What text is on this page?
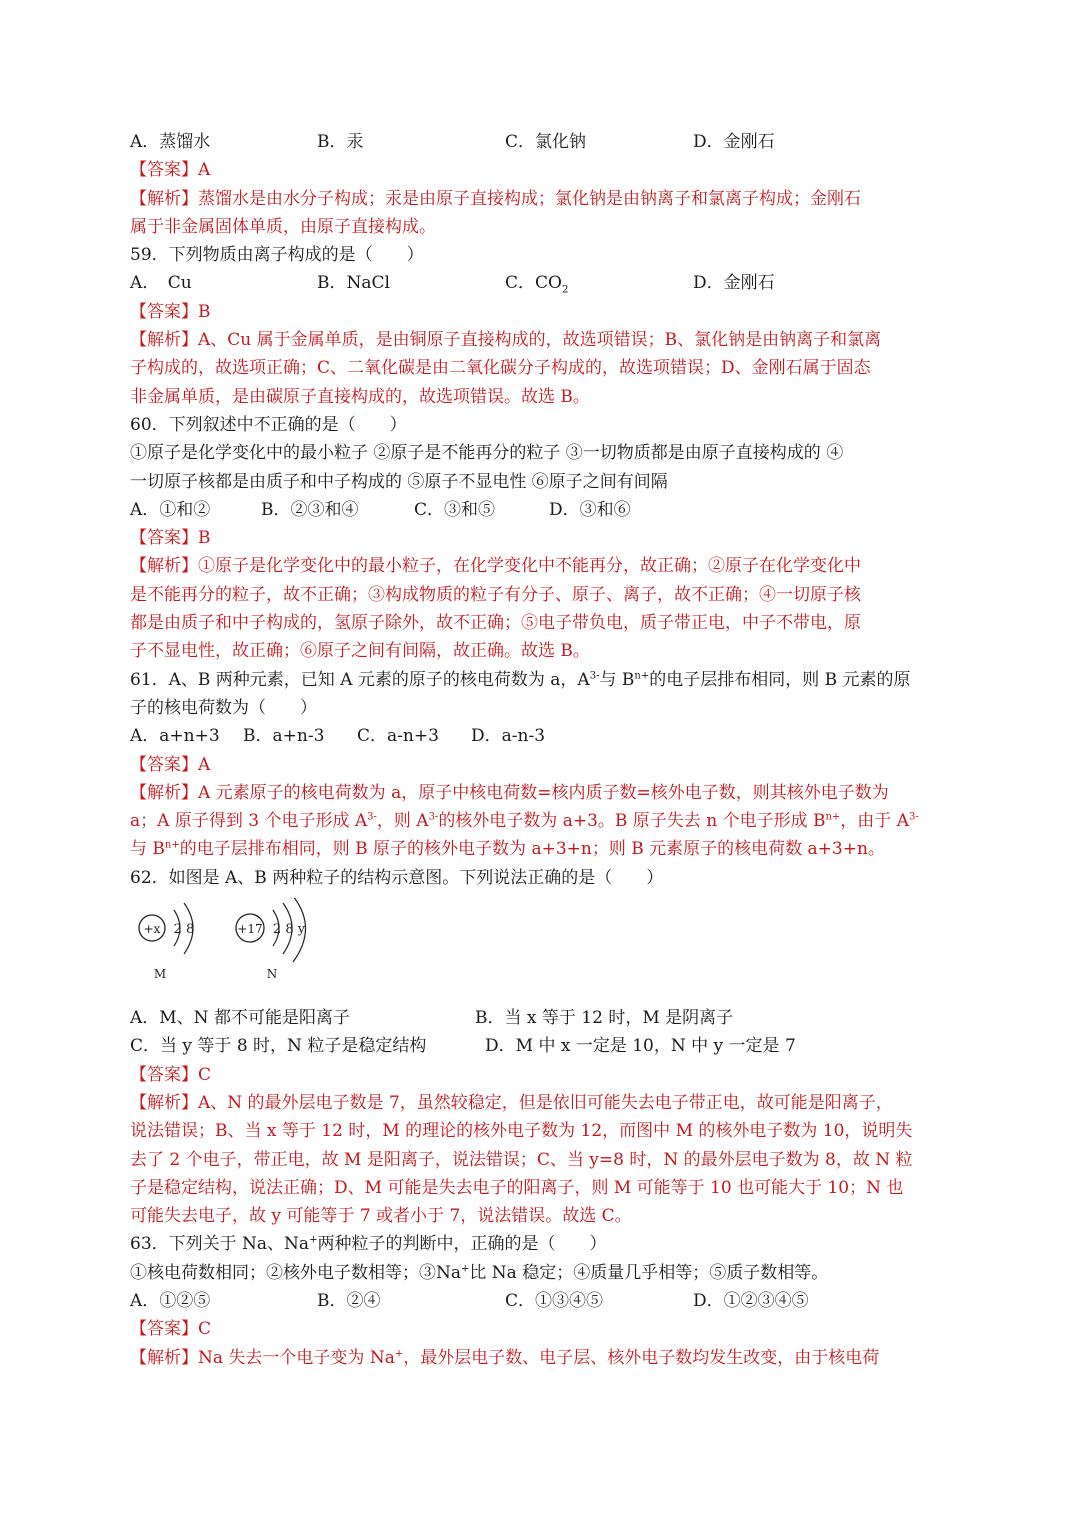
A．蒸馏水	B．汞	C．氯化钠	D．金刚石
【答案】A
【解析】蒸馏水是由水分子构成；汞是由原子直接构成；氯化钠是由钠离子和氯离子构成；金刚石
属于非金属固体单质，由原子直接构成。
59．下列物质由离子构成的是（　　）
A．　Cu	B．NaCl	C．$CO_2$	D．金刚石
【答案】B
【解析】A、Cu 属于金属单质，是由铜原子直接构成的，故选项错误；B、氯化钠是由钠离子和氯离
子构成的，故选项正确；C、二氧化碳是由二氧化碳分子构成的，故选项错误；D、金刚石属于固态
非金属单质，是由碳原子直接构成的，故选项错误。故选 B。
60．下列叙述中不正确的是（　　）
①原子是化学变化中的最小粒子 ②原子是不能再分的粒子 ③一切物质都是由原子直接构成的 ④
一切原子核都是由质子和中子构成的 ⑤原子不显电性 ⑥原子之间有间隔
A．①和②	B．②③和④	C．③和⑤	D．③和⑥
【答案】B
【解析】①原子是化学变化中的最小粒子，在化学变化中不能再分，故正确；②原子在化学变化中
是不能再分的粒子，故不正确；③构成物质的粒子有分子、原子、离子，故不正确；④一切原子核
都是由质子和中子构成的，氢原子除外，故不正确；⑤电子带负电，质子带正电，中子不带电，原
子不显电性，故正确；⑥原子之间有间隔，故正确。故选 B。
61．A、B 两种元素，已知 A 元素的原子的核电荷数为 a，$A^{3-}$与 $B^{n+}$的电子层排布相同，则 B 元素的原
子的核电荷数为（　　）
A．a+n+3 B．a+n-3 C．a-n+3 D．a-n-3
【答案】A
【解析】A 元素原子的核电荷数为 a，原子中核电荷数=核内质子数=核外电子数，则其核外电子数为
a；A 原子得到 3 个电子形成 $A^{3-}$，则 $A^{3-}$的核外电子数为 a+3。B 原子失去 n 个电子形成 $B^{n+}$，由于 $A^{3-}$
与 $B^{n+}$的电子层排布相同，则 B 原子的核外电子数为 a+3+n；则 B 元素原子的核电荷数 a+3+n。
62．如图是 A、B 两种粒子的结构示意图。下列说法正确的是（　　）
+x 2 8
M
+17 2 8 y
N
A．M、N 都不可能是阳离子	B．当 x 等于 12 时，M 是阴离子
C．当 y 等于 8 时，N 粒子是稳定结构	D．M 中 x 一定是 10，N 中 y 一定是 7
【答案】C
【解析】A、N 的最外层电子数是 7，虽然较稳定，但是依旧可能失去电子带正电，故可能是阳离子，
说法错误；B、当 x 等于 12 时，M 的理论的核外电子数为 12，而图中 M 的核外电子数为 10，说明失
去了 2 个电子，带正电，故 M 是阳离子，说法错误；C、当 y=8 时，N 的最外层电子数为 8，故 N 粒
子是稳定结构，说法正确；D、M 可能是失去电子的阳离子，则 M 可能等于 10 也可能大于 10；N 也
可能失去电子，故 y 可能等于 7 或者小于 7，说法错误。故选 C。
63．下列关于 Na、Na+两种粒子的判断中，正确的是（　　）
①核电荷数相同；②核外电子数相等；③Na+比 Na 稳定；④质量几乎相等；⑤质子数相等。
A．①②⑤	B．②④	C．①③④⑤	D．①②③④⑤
【答案】C
【解析】Na 失去一个电子变为 Na+，最外层电子数、电子层、核外电子数均发生改变，由于核电荷
